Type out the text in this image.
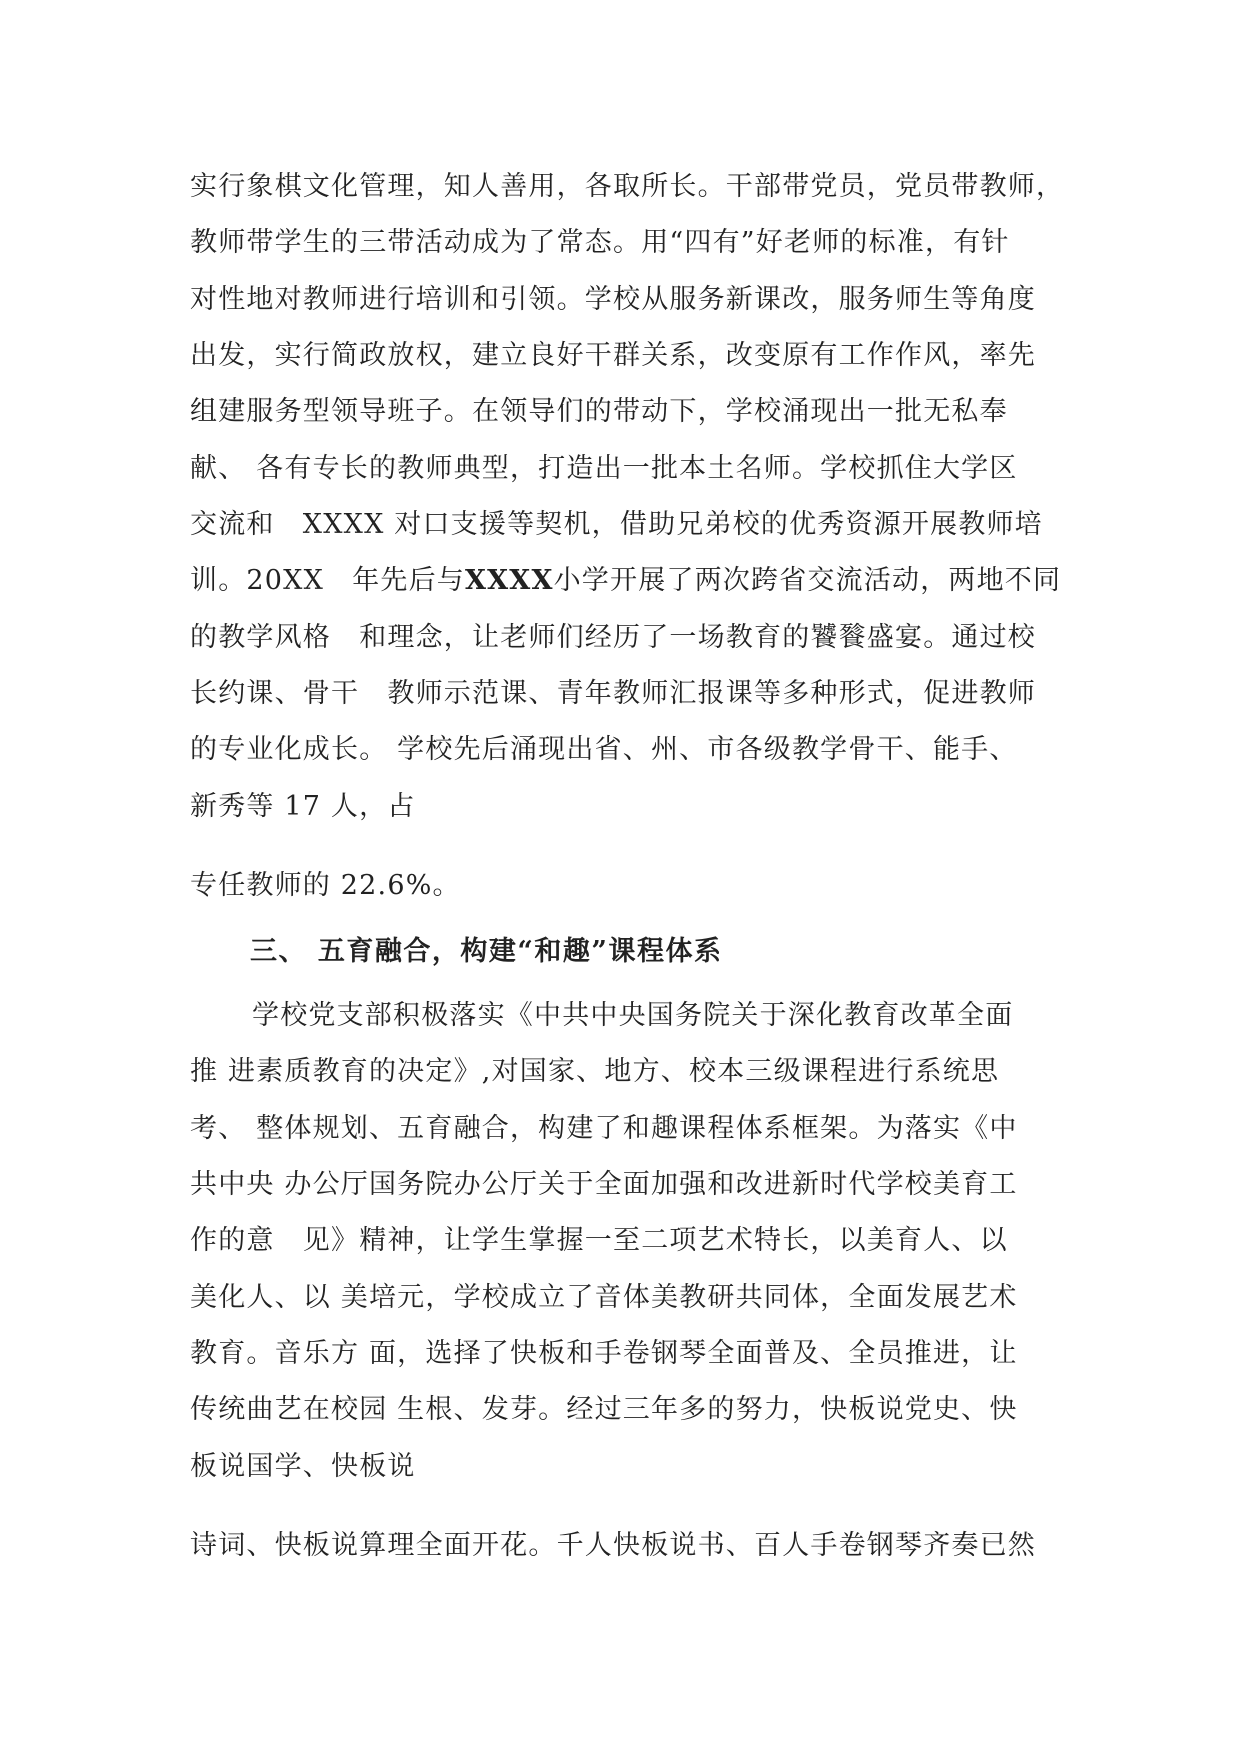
实行象棋文化管理，知人善用，各取所长。干部带党员，党员带教师，
教师带学生的三带活动成为了常态。用“四有”好老师的标准，有针
对性地对教师进行培训和引领。学校从服务新课改，服务师生等角度
出发，实行简政放权，建立良好干群关系，改变原有工作作风，率先
组建服务型领导班子。在领导们的带动下，学校涌现出一批无私奉
献、 各有专长的教师典型，打造出一批本土名师。学校抓住大学区
交流和　XXXX 对口支援等契机，借助兄弟校的优秀资源开展教师培
训。20XX　年先后与XXXX小学开展了两次跨省交流活动，两地不同
的教学风格　和理念，让老师们经历了一场教育的饕餮盛宴。通过校
长约课、骨干　教师示范课、青年教师汇报课等多种形式，促进教师
的专业化成长。 学校先后涌现出省、州、市各级教学骨干、能手、
新秀等 17 人，占
专任教师的 22.6%。
三、 五育融合，构建“和趣”课程体系
学校党支部积极落实《中共中央国务院关于深化教育改革全面
推 进素质教育的决定》,对国家、地方、校本三级课程进行系统思
考、 整体规划、五育融合，构建了和趣课程体系框架。为落实《中
共中央 办公厅国务院办公厅关于全面加强和改进新时代学校美育工
作的意　见》精神，让学生掌握一至二项艺术特长，以美育人、以
美化人、以 美培元，学校成立了音体美教研共同体，全面发展艺术
教育。音乐方 面，选择了快板和手卷钢琴全面普及、全员推进，让
传统曲艺在校园 生根、发芽。经过三年多的努力，快板说党史、快
板说国学、快板说
诗词、快板说算理全面开花。千人快板说书、百人手卷钢琴齐奏已然
